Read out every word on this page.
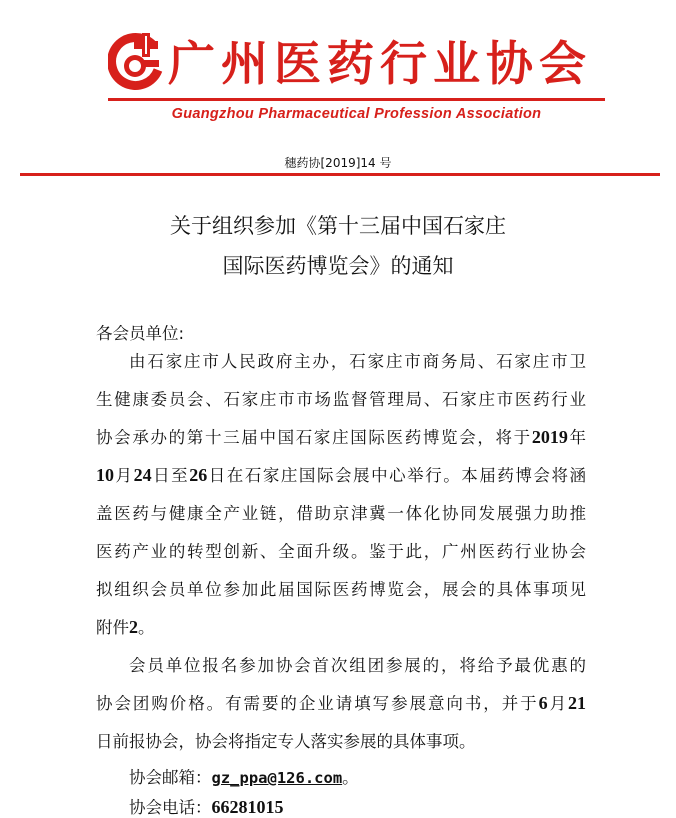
广州医药行业协会
Guangzhou Pharmaceutical Profession Association
穗药协[2019]14 号
关于组织参加《第十三届中国石家庄
国际医药博览会》的通知
各会员单位:
由石家庄市人民政府主办，石家庄市商务局、石家庄市卫
生健康委员会、石家庄市市场监督管理局、石家庄市医药行业
协会承办的第十三届中国石家庄国际医药博览会，将于2019年
10月24日至26日在石家庄国际会展中心举行。本届药博会将涵
盖医药与健康全产业链，借助京津冀一体化协同发展强力助推
医药产业的转型创新、全面升级。鉴于此，广州医药行业协会
拟组织会员单位参加此届国际医药博览会，展会的具体事项见
附件2。
会员单位报名参加协会首次组团参展的，将给予最优惠的
协会团购价格。有需要的企业请填写参展意向书，并于6月21
日前报协会，协会将指定专人落实参展的具体事项。
协会邮箱：gz_ppa@126.com。
协会电话：66281015
